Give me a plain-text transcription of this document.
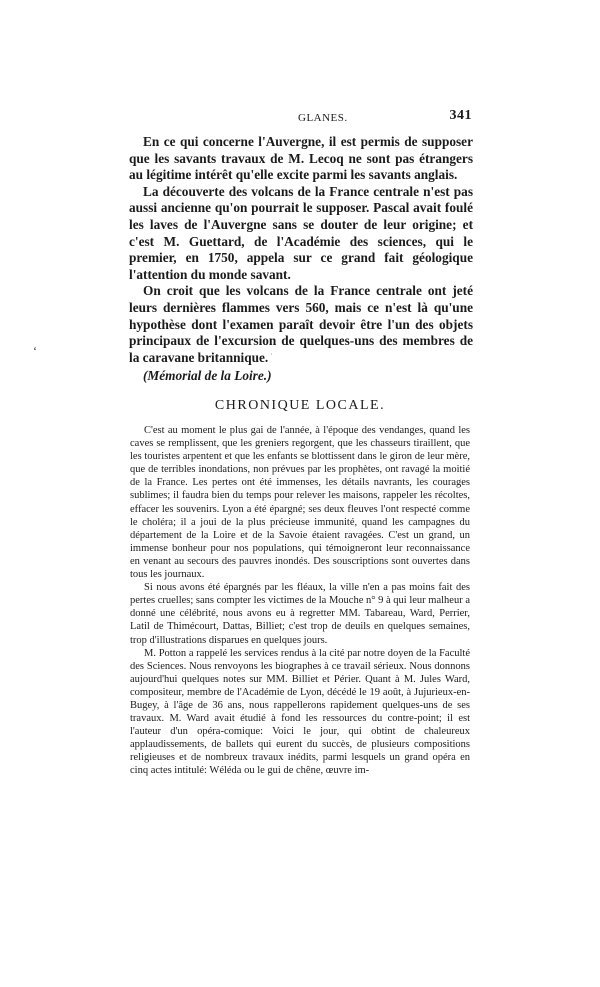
GLANES.	341

En ce qui concerne l'Auvergne, il est permis de supposer que les savants travaux de M. Lecoq ne sont pas étrangers au légitime intérêt qu'elle excite parmi les savants anglais.

La découverte des volcans de la France centrale n'est pas aussi ancienne qu'on pourrait le supposer. Pascal avait foulé les laves de l'Auvergne sans se douter de leur origine; et c'est M. Guettard, de l'Académie des sciences, qui le premier, en 1750, appela sur ce grand fait géologique l'attention du monde savant.

On croit que les volcans de la France centrale ont jeté leurs dernières flammes vers 560, mais ce n'est là qu'une hypothèse dont l'examen paraît devoir être l'un des objets principaux de l'excursion de quelques-uns des membres de la caravane britannique.

(Mémorial de la Loire.)

‘	·
CHRONIQUE LOCALE.

C'est au moment le plus gai de l'année, à l'époque des vendanges, quand les caves se remplissent, que les greniers regorgent, que les chasseurs tiraillent, que les touristes arpentent et que les enfants se blottissent dans le giron de leur mère, que de terribles inondations, non prévues par les prophètes, ont ravagé la moitié de la France. Les pertes ont été immenses, les détails navrants, les courages sublimes; il faudra bien du temps pour relever les maisons, rappeler les récoltes, effacer les souvenirs. Lyon a été épargné; ses deux fleuves l'ont respecté comme le choléra; il a joui de la plus précieuse immunité, quand les campagnes du département de la Loire et de la Savoie étaient ravagées. C'est un grand, un immense bonheur pour nos populations, qui témoigneront leur reconnaissance en venant au secours des pauvres inondés. Des souscriptions sont ouvertes dans tous les journaux.

Si nous avons été épargnés par les fléaux, la ville n'en a pas moins fait des pertes cruelles; sans compter les victimes de la Mouche n° 9 à qui leur malheur a donné une célébrité, nous avons eu à regretter MM. Tabareau, Ward, Perrier, Latil de Thimécourt, Dattas, Billiet; c'est trop de deuils en quelques semaines, trop d'illustrations disparues en quelques jours.

M. Potton a rappelé les services rendus à la cité par notre doyen de la Faculté des Sciences. Nous renvoyons les biographes à ce travail sérieux. Nous donnons aujourd'hui quelques notes sur MM. Billiet et Périer. Quant à M. Jules Ward, compositeur, membre de l'Académie de Lyon, décédé le 19 août, à Jujurieux-en-Bugey, à l'âge de 36 ans, nous rappellerons rapidement quelques-uns de ses travaux. M. Ward avait étudié à fond les ressources du contre-point; il est l'auteur d'un opéra-comique: Voici le jour, qui obtint de chaleureux applaudissements, de ballets qui eurent du succès, de plusieurs compositions religieuses et de nombreux travaux inédits, parmi lesquels un grand opéra en cinq actes intitulé: Wéléda ou le gui de chêne, œuvre im-
